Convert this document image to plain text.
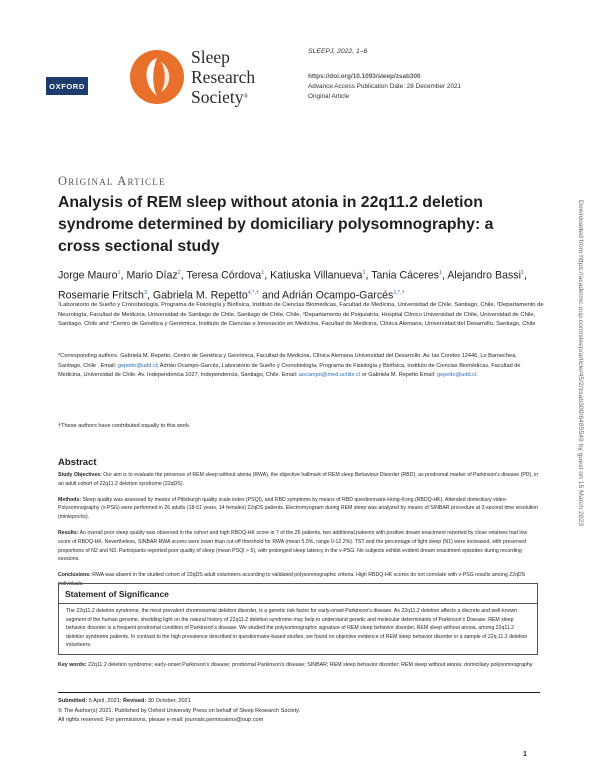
OXFORD
Sleep
Research
Society®
SLEEPJ, 2022, 1–6
https://doi.org/10.1093/sleep/zsab300
Advance Access Publication Date: 28 December 2021
Original Article
Original Article
Analysis of REM sleep without atonia in 22q11.2 deletion syndrome determined by domiciliary polysomnography: a cross sectional study
Jorge Mauro$^1$, Mario Díaz$^2$, Teresa Córdova$^1$, Katiuska Villanueva$^1$, Tania Cáceres$^1$, Alejandro Bassi$^1$, Rosemarie Fritsch$^3$, Gabriela M. Repetto$^{4,*,\dagger}$ and Adrián Ocampo-Garcés$^{1,*,\dagger}$
¹Laboratorio de Sueño y Cronobiología, Programa de Fisiología y Biofísica, Instituto de Ciencias Biomédicas, Facultad de Medicina, Universidad de Chile, Santiago, Chile, ²Departamento de Neurología, Facultad de Medicina, Universidad de Santiago de Chile, Santiago de Chile, Chile, ³Departamento de Psiquiatría, Hospital Clínico Universidad de Chile, Universidad de Chile, Santiago, Chile and ⁴Centro de Genética y Genómica, Instituto de Ciencias e Innovación en Medicina, Facultad de Medicina, Clínica Alemana, Universidad del Desarrollo, Santiago, Chile
*Corresponding authors. Gabriela M. Repetto, Centro de Genética y Genómica, Facultad de Medicina, Clínica Alemana Universidad del Desarrollo. Av. las Condes 12446, Lo Barnechea, Santiago, Chile . Email: gepetto@udd.cl; Adrián Ocampo-Garcés, Laboratorio de Sueño y Cronobiología, Programa de Fisiología y Biofísica, Instituto de Ciencias Biomédicas, Facultad de Medicina, Universidad de Chile. Av. Independencia 1027, Independencia, Santiago, Chile. Email: aocampo@med.uchile.cl or Gabriela M. Repetto Email: gepetto@udd.cl.
†These authors have contributed equally to this work.
Abstract

Study Objectives: Our aim is to evaluate the presence of REM sleep without atonia (RWA), the objective hallmark of REM sleep Behaviour Disorder (RBD), as prodromal marker of Parkinson's disease (PD), in an adult cohort of 22q11.2 deletion syndrome (22qDS).

Methods: Sleep quality was assessed by means of Pittsburgh quality scale index (PSQI), and RBD symptoms by means of RBD questionnaire-Hong-Kong (RBDQ-HK). Attended domiciliary video-Polysomnography (v-PSG) were performed in 26 adults (18-51 years, 14 females) 22qDS patients. Electromyogram during REM sleep was analyzed by means of SINBAR procedure at 3-second time resolution (miniepochs).

Results: An overall poor sleep quality was observed in the cohort and high RBDQ-HK score in 7 of the 26 patients, two additional patients with positive dream enactment reported by close relatives had low score of RBDQ-HK. Nevertheless, SINBAR RWA scores were lower than cut-off threshold for RWA (mean 5.5%, range 0-12.2%). TST and the percentage of light sleep (N1) were increased, with preserved proportions of N2 and N3. Participants reported poor quality of sleep (mean PSQI > 5), with prolonged sleep latency in the v-PSG. No subjects exhibit evident dream enactment episodes during recording sessions.

Conclusions: RWA was absent in the studied cohort of 22qDS adult volunteers according to validated polysomnographic criteria. High RBDQ-HK scores do not correlate with v-PSG results among 22qDS individuals.

Statement of Significance

The 22q11.2 deletion syndrome, the most prevalent chromosomal deletion disorder, is a genetic risk factor for early-onset Parkinson's disease. As 22q11.2 deletion affects a discrete and well-known segment of the human genome, shedding light on the natural history of 22q11.2 deletion syndrome may help to understand genetic and molecular determinants of Parkinson's Disease. REM sleep behavior disorder is a frequent prodromal condition of Parkinson's disease. We studied the polysomnographic signature of REM sleep behavior disorder, REM sleep without atonia, among 22q11.2 deletion syndrome patients. In contrast to the high prevalence described in questionnaire-based studies, we found no objective evidence of REM sleep behavior disorder in a sample of 22q.11.2 deletion volunteers.

Key words: 22q11.2 deletion syndrome; early-onset Parkinson's disease; prodromal Parkinson's disease; SINBAR; REM sleep behavior disorder; REM sleep without atonia; domiciliary polysomnography
Submitted: 5 April, 2021; Revised: 30 October, 2021
© The Author(s) 2021. Published by Oxford University Press on behalf of Sleep Research Society.
All rights reserved. For permissions, please e-mail: journals.permissions@oup.com
1
Downloaded from https://academic.oup.com/sleep/article/45/2/zsab300/6485549 by guest on 15 March 2023
